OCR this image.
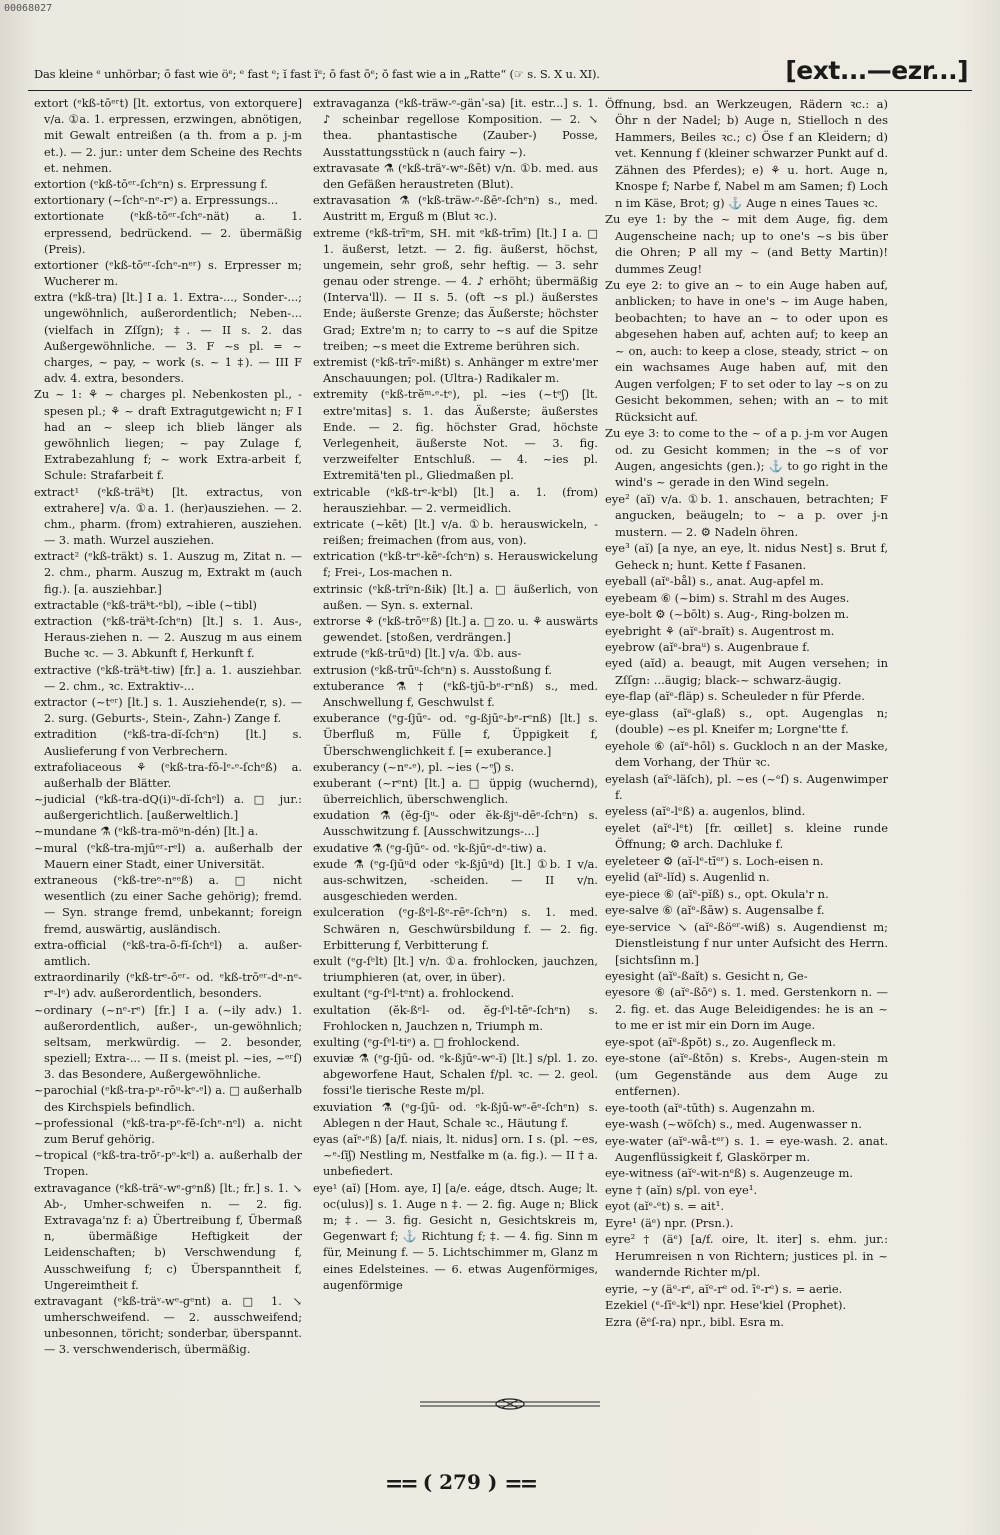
00068027
Das kleine ᵉ unhörbar; ō fast wie öᵉ; ᵉ fast ᵉ; ĭ fast ĭᵉ; ō fast ōᵉ; ŏ fast wie a in „Ratte“ (☞ s. S. X u. XI).	[ext...—ezr...]

extort (ᵉkß-tōᵉʳt) [lt. extortus, von extorquere] v/a. ①a. 1. erpressen, erzwingen, abnötigen, mit Gewalt entreißen (a th. from a p. j-m et.). — 2. jur.: unter dem Scheine des Rechts et. nehmen.

extortion (ᵉkß-tōᵉʳ-ſchᵉn) s. Erpressung f.

extortionary (~ſchᵉ-nᵉ-rᵉ) a. Erpressungs...

extortionate (ᵉkß-tōᵉʳ-ſchᵉ-nät) a. 1. erpressend, bedrückend. — 2. übermäßig (Preis).

extortioner (ᵉkß-tōᵉʳ-ſchᵉ-nᵉʳ) s. Erpresser m; Wucherer m.

extra (ᵉkß-tra) [lt.] I a. 1. Extra-..., Sonder-...; ungewöhnlich, außerordentlich; Neben-... (vielfach in Zſſgn); ‡. — II s. 2. das Außergewöhnliche. — 3. F ~s pl. = ~ charges, ~ pay, ~ work (s. ~ 1 ‡). — III F adv. 4. extra, besonders.

Zu ~ 1: ⚘ ~ charges pl. Nebenkosten pl., -spesen pl.; ⚘ ~ draft Extragutgewicht n; F I had an ~ sleep ich blieb länger als gewöhnlich liegen; ~ pay Zulage f, Extrabezahlung f; ~ work Extra-arbeit f, Schule: Strafarbeit f.

extract¹ (ᵉkß-träᵏt) [lt. extractus, von extrahere] v/a. ①a. 1. (her)ausziehen. — 2. chm., pharm. (from) extrahieren, ausziehen. — 3. math. Wurzel ausziehen.

extract² (ᵉkß-träkt) s. 1. Auszug m, Zitat n. — 2. chm., pharm. Auszug m, Extrakt m (auch fig.). [a. ausziehbar.]

extractable (ᵉkß-träᵏt-ᵉbl), ~ible (~tibl)

extraction (ᵉkß-träᵏt-ſchᵉn) [lt.] s. 1. Aus-, Heraus-ziehen n. — 2. Auszug m aus einem Buche ꝛc. — 3. Abkunft f, Herkunft f.

extractive (ᵉkß-träᵏt-tiw) [fr.] a. 1. ausziehbar. — 2. chm., ꝛc. Extraktiv-...

extractor (~tᵉʳ) [lt.] s. 1. Ausziehende(r, s). — 2. surg. (Geburts-, Stein-, Zahn-) Zange f.

extradition (ᵉkß-tra-dĭ-ſchᵉn) [lt.] s. Auslieferung f von Verbrechern.

extrafoliaceous ⚘ (ᵉkß-tra-fō-lᵉ-ᵉ-ſchᵉß) a. außerhalb der Blätter.

~judicial (ᵉkß-tra-dQ(i)ᵘ-dĭ-ſchᵉl) a. □ jur.: außergerichtlich. [außerweltlich.]

~mundane ⚗ (ᵉkß-tra-möᵘn-dén) [lt.] a.

~mural (ᵉkß-tra-mjūᵉʳ-rᵉl) a. außerhalb der Mauern einer Stadt, einer Universität.

extraneous (ᵉkß-treᵉ-nᵉᵉß) a. □ nicht wesentlich (zu einer Sache gehörig); fremd. — Syn. strange fremd, unbekannt; foreign fremd, auswärtig, ausländisch.

extra-official (ᵉkß-tra-ō-fĭ-ſchᵉl) a. außer-amtlich.

extraordinarily (ᵉkß-trᵉ-ōᵉʳ- od. ᵉkß-trōᵉʳ-dᵉ-nᵉ-rᵉ-lᵉ) adv. außerordentlich, besonders.

~ordinary (~nᵉ-rᵉ) [fr.] I a. (~ily adv.) 1. außerordentlich, außer-, un-gewöhnlich; seltsam, merkwürdig. — 2. besonder, speziell; Extra-... — II s. (meist pl. ~ies, ~ᵉʳſ) 3. das Besondere, Außergewöhnliche.

~parochial (ᵉkß-tra-pᵃ-rōᵘ-kᵉ-ᵉl) a. □ außerhalb des Kirchspiels befindlich.

~professional (ᵉkß-tra-pᵉ-fĕ-ſchᵉ-nᵉl) a. nicht zum Beruf gehörig.

~tropical (ᵉkß-tra-trŏʳ-pᵉ-kᵉl) a. außerhalb der Tropen.

extravagance (ᵉkß-träᵛ-wᵉ-gᵉnß) [lt.; fr.] s. 1. ↘ Ab-, Umher-schweifen n. — 2. fig. Extravaga'nz f: a) Übertreibung f, Übermaß n, übermäßige Heftigkeit der Leidenschaften; b) Verschwendung f, Ausschweifung f; c) Überspanntheit f, Ungereimtheit f.

extravagant (ᵉkß-träᵛ-wᵉ-gᵉnt) a. □ 1. ↘ umherschweifend. — 2. ausschweifend; unbesonnen, töricht; sonderbar, überspannt. — 3. verschwenderisch, übermäßig.

extravaganza (ᵉkß-träw-ᵉ-gänˈ-sa) [it. estr...] s. 1. ♪ scheinbar regellose Komposition. — 2. ↘ thea. phantastische (Zauber-) Posse, Ausstattungsstück n (auch fairy ~).

extravasate ⚗ (ᵉkß-träᵛ-wᵉ-ßēt) v/n. ①b. med. aus den Gefäßen heraustreten (Blut).

extravasation ⚗ (ᵉkß-träw-ᵉ-ßēᵉ-ſchᵉn) s., med. Austritt m, Erguß m (Blut ꝛc.).

extreme (ᵉkß-trīᵉm, SH. mit ᵉkß-trīm) [lt.] I a. □ 1. äußerst, letzt. — 2. fig. äußerst, höchst, ungemein, sehr groß, sehr heftig. — 3. sehr genau oder strenge. — 4. ♪ erhöht; übermäßig (Interva'll). — II s. 5. (oft ~s pl.) äußerstes Ende; äußerste Grenze; das Äußerste; höchster Grad; Extre'm n; to carry to ~s auf die Spitze treiben; ~s meet die Extreme berühren sich.

extremist (ᵉkß-trīᵉ-mißt) s. Anhänger m extre'mer Anschauungen; pol. (Ultra-) Radikaler m.

extremity (ᵉkß-trĕᵐ-ᵉ-tᵉ), pl. ~ies (~tᵉʃ) [lt. extre'mitas] s. 1. das Äußerste; äußerstes Ende. — 2. fig. höchster Grad, höchste Verlegenheit, äußerste Not. — 3. fig. verzweifelter Entschluß. — 4. ~ies pl. Extremitä'ten pl., Gliedmaßen pl.

extricable (ᵉkß-trᵉ-kᵉbl) [lt.] a. 1. (from) herausziehbar. — 2. vermeidlich.

extricate (~kēt) [lt.] v/a. ①b. herauswickeln, -reißen; freimachen (from aus, von).

extrication (ᵉkß-trᵉ-kēᵉ-ſchᵉn) s. Herauswickelung f; Frei-, Los-machen n.

extrinsic (ᵉkß-trĭᵉn-ßik) [lt.] a. □ äußerlich, von außen. — Syn. s. external.

extrorse ⚘ (ᵉkß-trōᵉʳß) [lt.] a. □ zo. u. ⚘ auswärts gewendet. [stoßen, verdrängen.]

extrude (ᵉkß-trūᵘd) [lt.] v/a. ①b. aus-

extrusion (ᵉkß-trūᵘ-ſchᵉn) s. Ausstoßung f.

extuberance ⚗ † (ᵉkß-tjū-bᵉ-rᵉnß) s., med. Anschwellung f, Geschwulst f.

exuberance (ᵉg-ſjūᵉ- od. ᵉg-ßjūᵉ-bᵉ-rᵉnß) [lt.] s. Überfluß m, Fülle f, Üppigkeit f, Überschwenglichkeit f. [= exuberance.]

exuberancy (~nᵉ-ᵉ), pl. ~ies (~ᵉʃ) s.

exuberant (~rᵉnt) [lt.] a. □ üppig (wuchernd), überreichlich, überschwenglich.

exudation ⚗ (ĕg-ſjᵘ- oder ĕk-ßjᵘ-dēᵉ-ſchᵉn) s. Ausschwitzung f. [Ausschwitzungs-...]

exudative ⚗ (ᵉg-ſjūᵉ- od. ᵉk-ßjūᵉ-dᵉ-tiw) a.

exude ⚗ (ᵉg-ſjūᵘd oder ᵉk-ßjūᵘd) [lt.] ①b. I v/a. aus-schwitzen, -scheiden. — II v/n. ausgeschieden werden.

exulceration (ᵉg-ßᵉl-ßᵉ-rēᵉ-ſchᵉn) s. 1. med. Schwären n, Geschwürsbildung f. — 2. fig. Erbitterung f, Verbitterung f.

exult (ᵉg-ſᵉlt) [lt.] v/n. ①a. frohlocken, jauchzen, triumphieren (at, over, in über).

exultant (ᵉg-ſᵉl-tᵉnt) a. frohlockend.

exultation (ĕk-ßᵉl- od. ĕg-ſᵉl-tēᵉ-ſchᵉn) s. Frohlocken n, Jauchzen n, Triumph m.

exulting (ᵉg-ſᵉl-tiᵉ) a. □ frohlockend.

exuviæ ⚗ (ᵉg-ſjū- od. ᵉk-ßjūᵉ-wᵉ-ĭ) [lt.] s/pl. 1. zo. abgeworfene Haut, Schalen f/pl. ꝛc. — 2. geol. fossi'le tierische Reste m/pl.

exuviation ⚗ (ᵉg-ſjū- od. ᵉk-ßjū-wᵉ-ēᵉ-ſchᵉn) s. Ablegen n der Haut, Schale ꝛc., Häutung f.

eyas (aĭᵉ-ᵉß) [a/f. niais, lt. nidus] orn. I s. (pl. ~es, ~ᵉ-ſĭʃ) Nestling m, Nestfalke m (a. fig.). — II † a. unbefiedert.

eye¹ (aĭ) [Hom. aye, I] [a/e. eáge, dtsch. Auge; lt. oc(ulus)] s. 1. Auge n ‡. — 2. fig. Auge n; Blick m; ‡. — 3. fig. Gesicht n, Gesichtskreis m, Gegenwart f; ⚓ Richtung f; ‡. — 4. fig. Sinn m für, Meinung f. — 5. Lichtschimmer m, Glanz m eines Edelsteines. — 6. etwas Augenförmiges, augenförmige

Öffnung, bsd. an Werkzeugen, Rädern ꝛc.: a) Öhr n der Nadel; b) Auge n, Stielloch n des Hammers, Beiles ꝛc.; c) Öse f an Kleidern; d) vet. Kennung f (kleiner schwarzer Punkt auf d. Zähnen des Pferdes); e) ⚘ u. hort. Auge n, Knospe f; Narbe f, Nabel m am Samen; f) Loch n im Käse, Brot; g) ⚓ Auge n eines Taues ꝛc.

Zu eye 1: by the ~ mit dem Auge, fig. dem Augenscheine nach; up to one's ~s bis über die Ohren; P all my ~ (and Betty Martin)! dummes Zeug!

Zu eye 2: to give an ~ to ein Auge haben auf, anblicken; to have in one's ~ im Auge haben, beobachten; to have an ~ to oder upon es abgesehen haben auf, achten auf; to keep an ~ on, auch: to keep a close, steady, strict ~ on ein wachsames Auge haben auf, mit den Augen verfolgen; F to set oder to lay ~s on zu Gesicht bekommen, sehen; with an ~ to mit Rücksicht auf.

Zu eye 3: to come to the ~ of a p. j-m vor Augen od. zu Gesicht kommen; in the ~s of vor Augen, angesichts (gen.); ⚓ to go right in the wind's ~ gerade in den Wind segeln.

eye² (aĭ) v/a. ①b. 1. anschauen, betrachten; F angucken, beäugeln; to ~ a p. over j-n mustern. — 2. ⚙ Nadeln öhren.

eye³ (aĭ) [a nye, an eye, lt. nidus Nest] s. Brut f, Geheck n; hunt. Kette f Fasanen.

eyeball (aĭᵉ-bål) s., anat. Aug-apfel m.

eyebeam ⑥ (~bim) s. Strahl m des Auges.

eye-bolt ⚙ (~bōlt) s. Aug-, Ring-bolzen m.

eyebright ⚘ (aĭᵉ-braĭt) s. Augentrost m.

eyebrow (aĭᵉ-braᵘ) s. Augenbraue f.

eyed (aĭd) a. beaugt, mit Augen versehen; in Zſſgn: ...äugig; black-~ schwarz-äugig.

eye-flap (aĭᵉ-fläp) s. Scheuleder n für Pferde.

eye-glass (aĭᵉ-glaß) s., opt. Augenglas n; (double) ~es pl. Kneifer m; Lorgne'tte f.

eyehole ⑥ (aĭᵉ-hōl) s. Guckloch n an der Maske, dem Vorhang, der Thür ꝛc.

eyelash (aĭᵉ-läſch), pl. ~es (~ᵉſ) s. Augenwimper f.

eyeless (aĭᵉ-lᵉß) a. augenlos, blind.

eyelet (aĭᵉ-lᵉt) [fr. œillet] s. kleine runde Öffnung; ⚙ arch. Dachluke f.

eyeleteer ⚙ (aĭ-lᵉ-tīᵉʳ) s. Loch-eisen n.

eyelid (aĭᵉ-lĭd) s. Augenlid n.

eye-piece ⑥ (aĭᵉ-pĭß) s., opt. Okula'r n.

eye-salve ⑥ (aĭᵉ-ßāw) s. Augensalbe f.

eye-service ↘ (aĭᵉ-ßöᵉʳ-wiß) s. Augendienst m; Dienstleistung f nur unter Aufsicht des Herrn. [sichtsſinn m.]

eyesight (aĭᵉ-ßaĭt) s. Gesicht n, Ge-

eyesore ⑥ (aĭᵉ-ßōᵉ) s. 1. med. Gerstenkorn n. — 2. fig. et. das Auge Beleidigendes: he is an ~ to me er ist mir ein Dorn im Auge.

eye-spot (aĭᵉ-ßpŏt) s., zo. Augenfleck m.

eye-stone (aĭᵉ-ßtōn) s. Krebs-, Augen-stein m (um Gegenstände aus dem Auge zu entfernen).

eye-tooth (aĭᵉ-tūth) s. Augenzahn m.

eye-wash (~wöſch) s., med. Augenwasser n.

eye-water (aĭᵉ-wå-tᵉʳ) s. 1. = eye-wash. 2. anat. Augenflüssigkeit f, Glaskörper m.

eye-witness (aĭᵉ-wit-nᵉß) s. Augenzeuge m.

eyne † (aĭn) s/pl. von eye¹.

eyot (aĭᵉ-ᵉt) s. = ait¹.

Eyre¹ (äᵉ) npr. (Prsn.).

eyre² † (äᵉ) [a/f. oire, lt. iter] s. ehm. jur.: Herumreisen n von Richtern; justices pl. in ~ wandernde Richter m/pl.

eyrie, ~y (äᵉ-rᵉ, aĭᵉ-rᵉ od. īᵉ-rᵉ) s. = aerie.

Ezekiel (ᵉ-ſīᵉ-kᵉl) npr. Hese'kiel (Prophet).

Ezra (ĕᵉſ-ra) npr., bibl. Esra m.

== ( 279 ) ==
